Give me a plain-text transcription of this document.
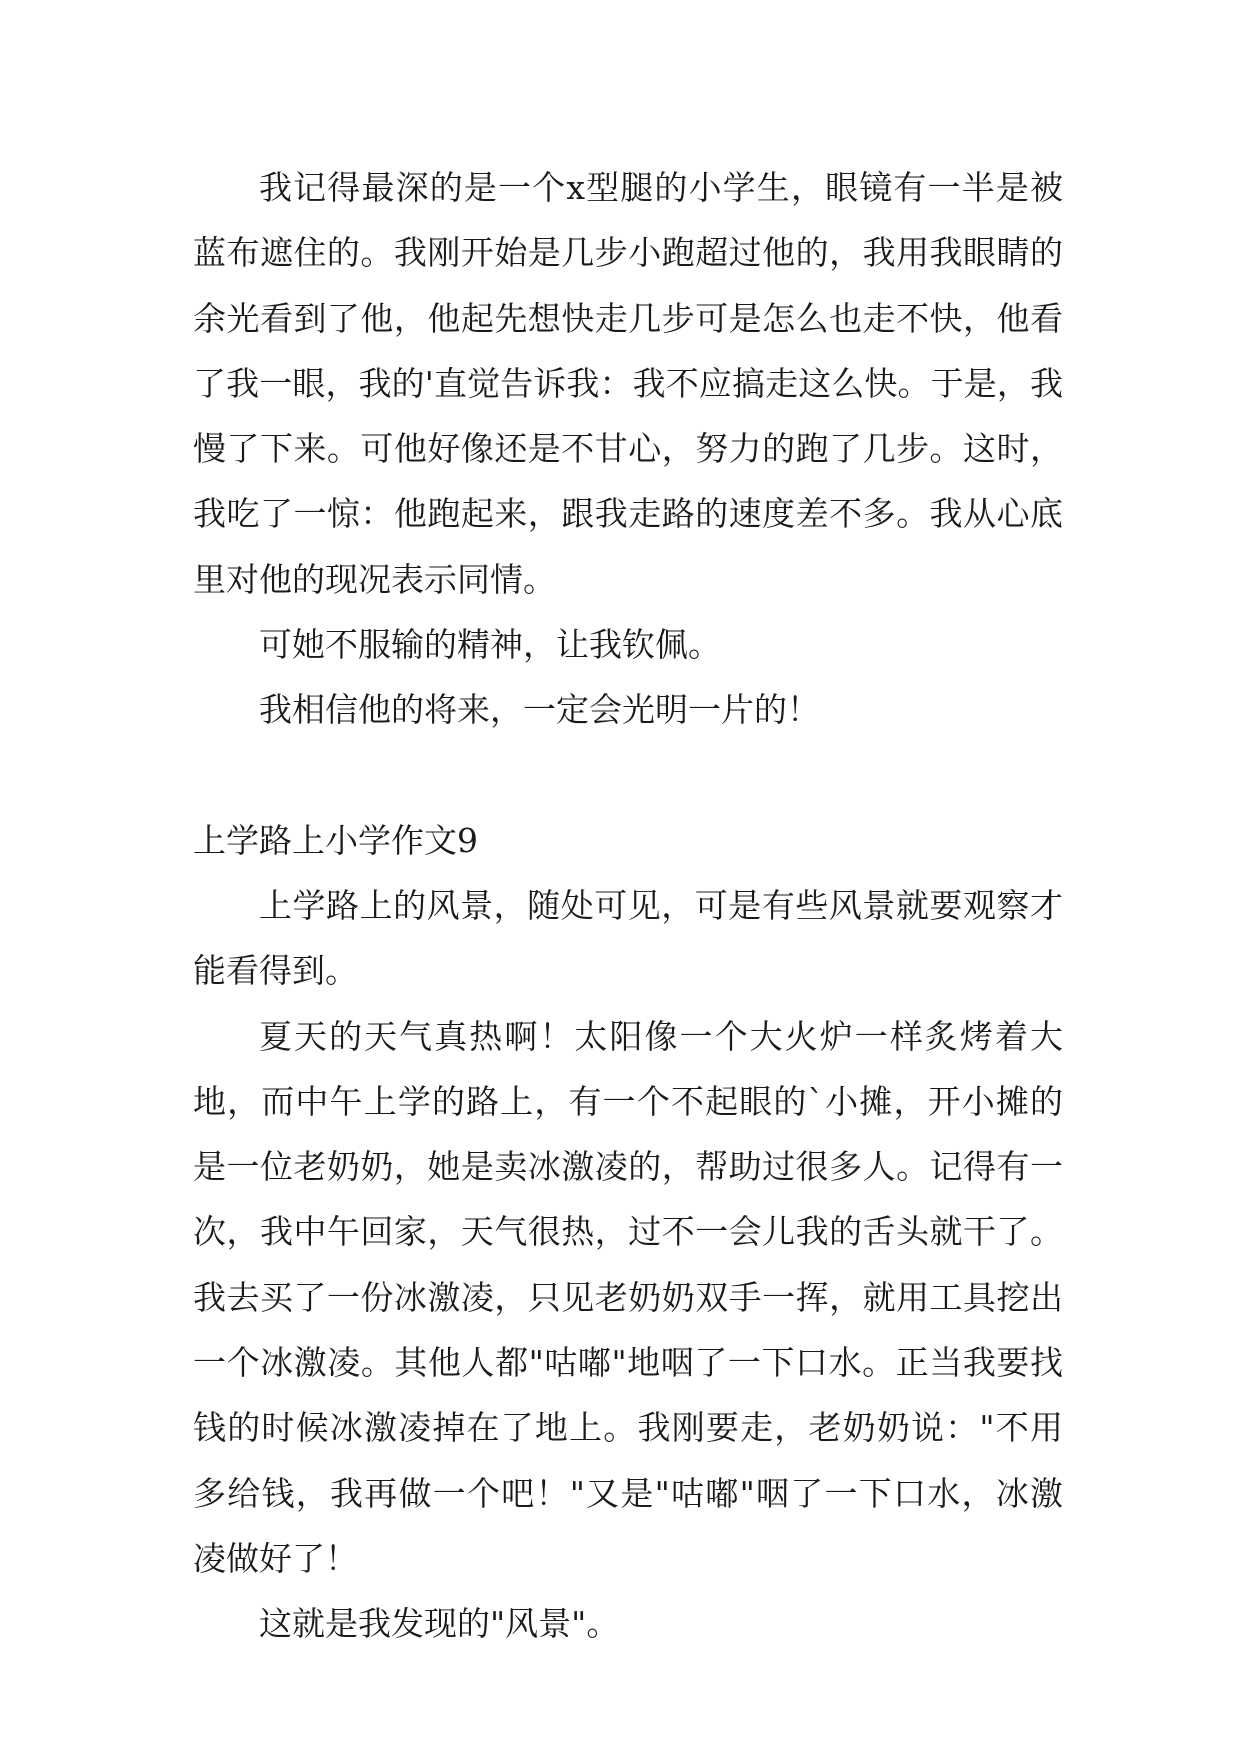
我记得最深的是一个x型腿的小学生，眼镜有一半是被蓝布遮住的。我刚开始是几步小跑超过他的，我用我眼睛的余光看到了他，他起先想快走几步可是怎么也走不快，他看了我一眼，我的'直觉告诉我：我不应搞走这么快。于是，我慢了下来。可他好像还是不甘心，努力的跑了几步。这时，我吃了一惊：他跑起来，跟我走路的速度差不多。我从心底里对他的现况表示同情。

可她不服输的精神，让我钦佩。

我相信他的将来，一定会光明一片的！

上学路上小学作文9

上学路上的风景，随处可见，可是有些风景就要观察才能看得到。

夏天的天气真热啊！太阳像一个大火炉一样炙烤着大地，而中午上学的路上，有一个不起眼的`小摊，开小摊的是一位老奶奶，她是卖冰激凌的，帮助过很多人。记得有一次，我中午回家，天气很热，过不一会儿我的舌头就干了。我去买了一份冰激凌，只见老奶奶双手一挥，就用工具挖出一个冰激凌。其他人都"咕嘟"地咽了一下口水。正当我要找钱的时候冰激凌掉在了地上。我刚要走，老奶奶说："不用多给钱，我再做一个吧！"又是"咕嘟"咽了一下口水，冰激凌做好了！

这就是我发现的"风景"。
